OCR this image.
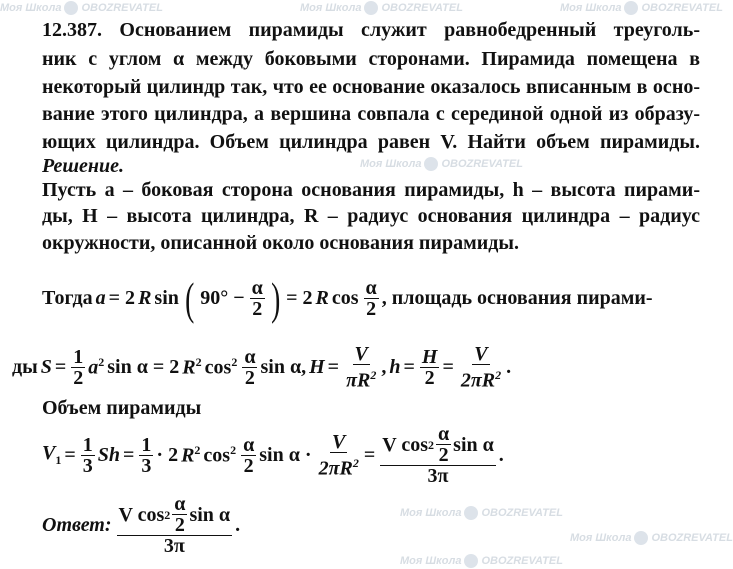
Моя Школа OBOZREVATEL	Моя Школа OBOZREVATEL	Моя Школа OBOZREVATEL
Моя Школа OBOZREVATEL
Моя Школа OBOZREVATEL
Моя Школа OBOZREVATEL
Моя Школа OBOZREVATEL
12.387. Основанием пирамиды служит равнобедренный треуголь-
ник с углом α между боковыми сторонами. Пирамида помещена в
некоторый цилиндр так, что ее основание оказалось вписанным в осно-
вание этого цилиндра, а вершина совпала с серединой одной из образу-
ющих цилиндра. Объем цилиндра равен V. Найти объем пирамиды.
Решение.
Пусть a – боковая сторона основания пирамиды, h – высота пирами-
ды, H – высота цилиндра, R – радиус основания цилиндра – радиус
окружности, описанной около основания пирамиды.
Тогда a = 2 R sin ( $90^\circ - \frac{\alpha}{2}$ ) = 2 R $\cos \frac{\alpha}{2}$ , площадь основания пирами-
ды $S = \frac{1}{2} a^2$ sin α = 2 $R^2$ $\cos^2 \frac{\alpha}{2}$ sin α, $H = \frac{V}{\pi R^2}$ , $h = \frac{H}{2} = \frac{V}{2\pi R^2}$ .
Объем пирамиды
$V_1 = \frac{1}{3}$ $Sh = \frac{1}{3} \cdot 2$ $R^2$ $\cos^2 \frac{\alpha}{2}$ $\sin \alpha \cdot \frac{V}{2\pi R^2} = \frac{V \cos 2 \frac{\alpha}{2} \sin \alpha}{3\pi}$ .
Ответ: V $\cos 2 \frac{\alpha}{2}$ sin α
3π
.
